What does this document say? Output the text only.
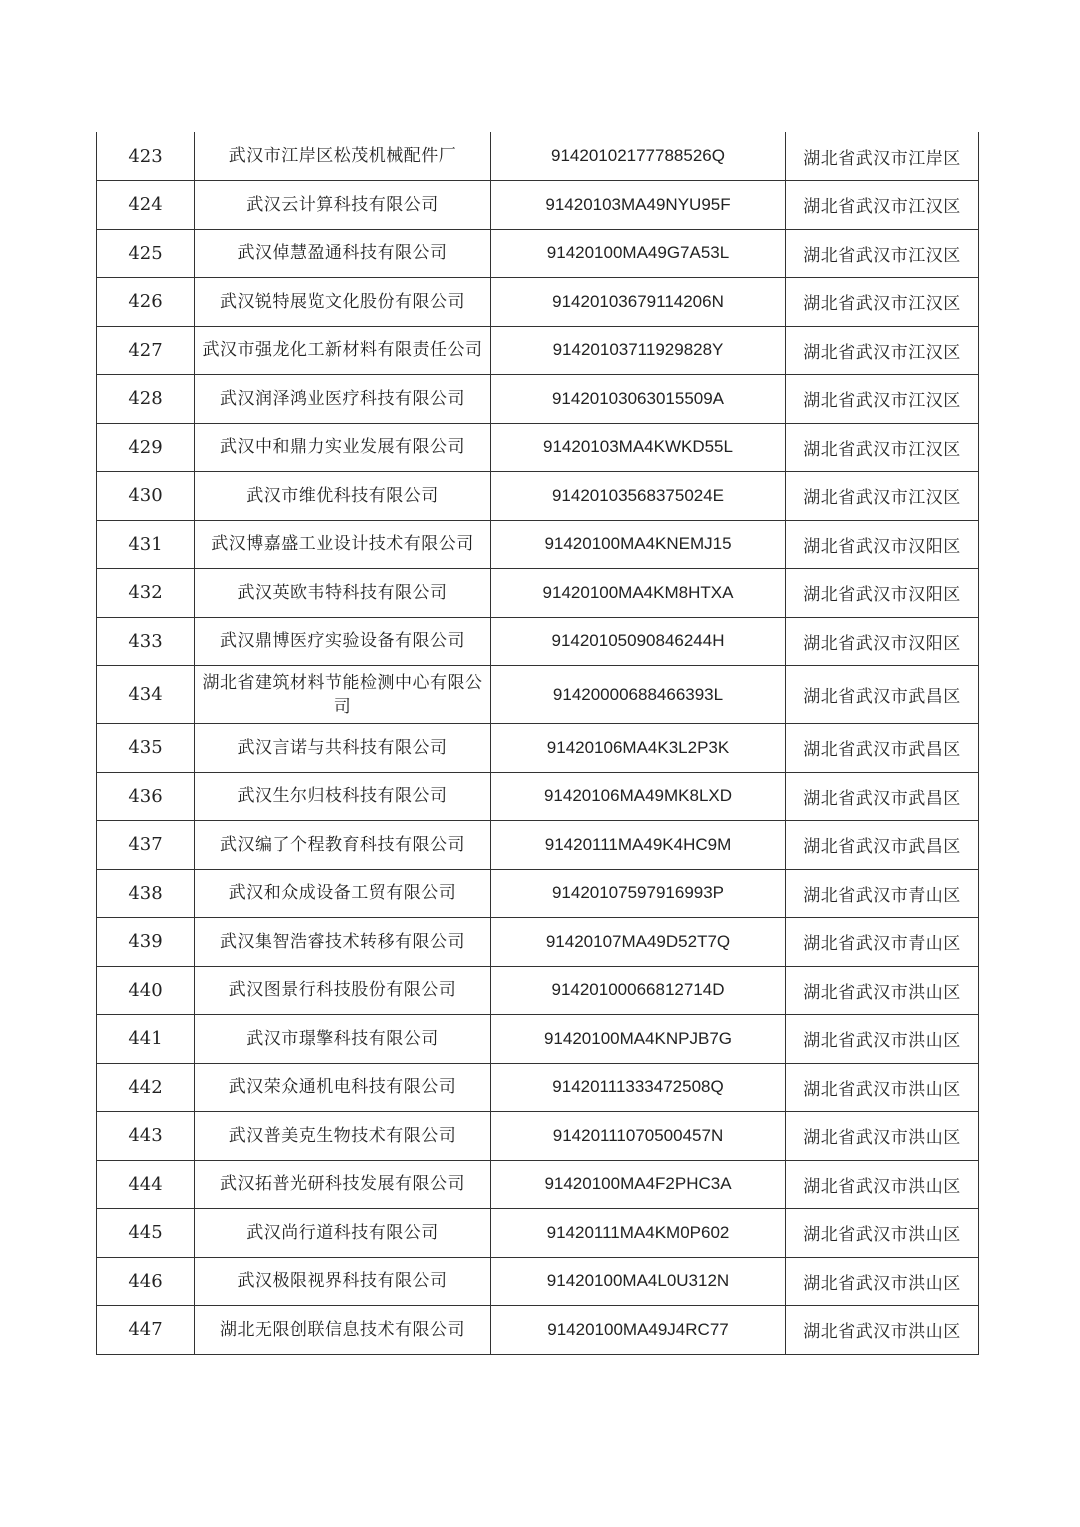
423	武汉市江岸区松茂机械配件厂	91420102177788526Q	湖北省武汉市江岸区
424	武汉云计算科技有限公司	91420103MA49NYU95F	湖北省武汉市江汉区
425	武汉倬慧盈通科技有限公司	91420100MA49G7A53L	湖北省武汉市江汉区
426	武汉锐特展览文化股份有限公司	91420103679114206N	湖北省武汉市江汉区
427	武汉市强龙化工新材料有限责任公司	91420103711929828Y	湖北省武汉市江汉区
428	武汉润泽鸿业医疗科技有限公司	91420103063015509A	湖北省武汉市江汉区
429	武汉中和鼎力实业发展有限公司	91420103MA4KWKD55L	湖北省武汉市江汉区
430	武汉市维优科技有限公司	91420103568375024E	湖北省武汉市江汉区
431	武汉博嘉盛工业设计技术有限公司	91420100MA4KNEMJ15	湖北省武汉市汉阳区
432	武汉英欧韦特科技有限公司	91420100MA4KM8HTXA	湖北省武汉市汉阳区
433	武汉鼎博医疗实验设备有限公司	91420105090846244H	湖北省武汉市汉阳区
434	湖北省建筑材料节能检测中心有限公司	91420000688466393L	湖北省武汉市武昌区
435	武汉言诺与共科技有限公司	91420106MA4K3L2P3K	湖北省武汉市武昌区
436	武汉生尔归枝科技有限公司	91420106MA49MK8LXD	湖北省武汉市武昌区
437	武汉编了个程教育科技有限公司	91420111MA49K4HC9M	湖北省武汉市武昌区
438	武汉和众成设备工贸有限公司	91420107597916993P	湖北省武汉市青山区
439	武汉集智浩睿技术转移有限公司	91420107MA49D52T7Q	湖北省武汉市青山区
440	武汉图景行科技股份有限公司	91420100066812714D	湖北省武汉市洪山区
441	武汉市璟擎科技有限公司	91420100MA4KNPJB7G	湖北省武汉市洪山区
442	武汉荣众通机电科技有限公司	91420111333472508Q	湖北省武汉市洪山区
443	武汉普美克生物技术有限公司	91420111070500457N	湖北省武汉市洪山区
444	武汉拓普光研科技发展有限公司	91420100MA4F2PHC3A	湖北省武汉市洪山区
445	武汉尚行道科技有限公司	91420111MA4KM0P602	湖北省武汉市洪山区
446	武汉极限视界科技有限公司	91420100MA4L0U312N	湖北省武汉市洪山区
447	湖北无限创联信息技术有限公司	91420100MA49J4RC77	湖北省武汉市洪山区
